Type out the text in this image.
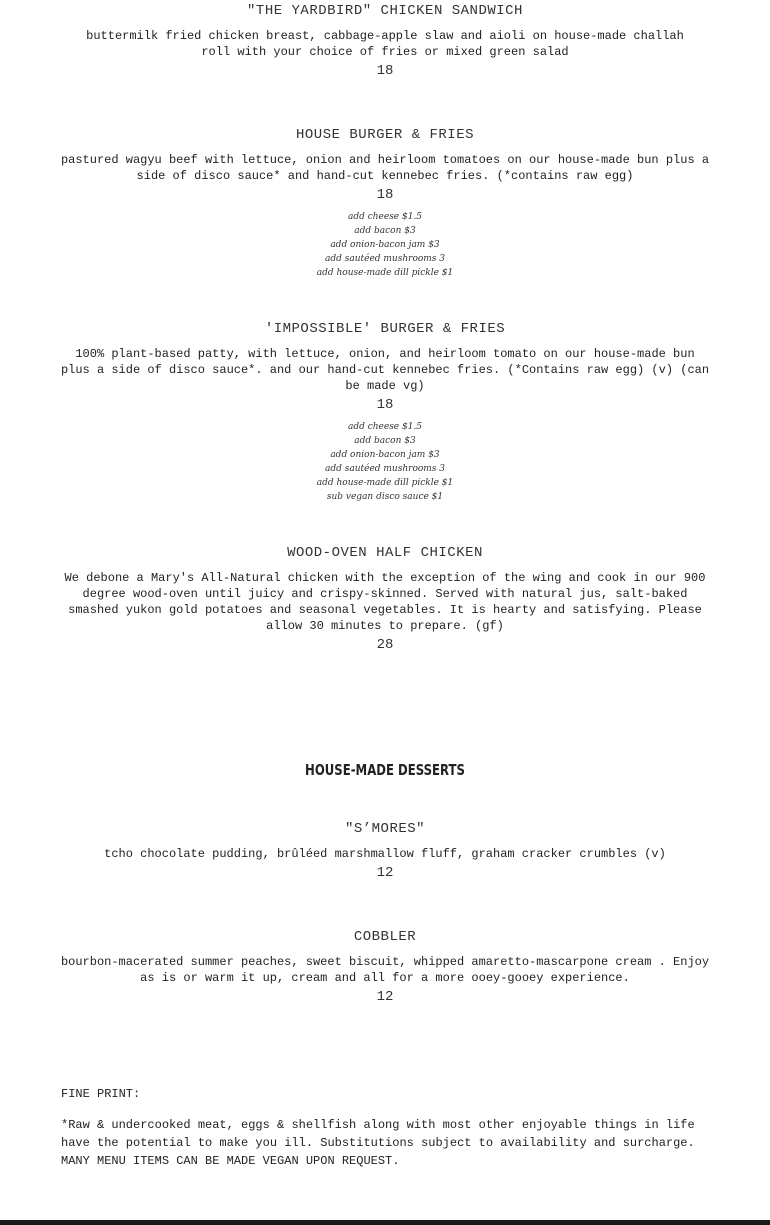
"THE YARDBIRD" CHICKEN SANDWICH
buttermilk fried chicken breast, cabbage-apple slaw and aioli on house-made challah roll with your choice of fries or mixed green salad
18
HOUSE BURGER & FRIES
pastured wagyu beef with lettuce, onion and heirloom tomatoes on our house-made bun plus a side of disco sauce* and hand-cut kennebec fries. (*contains raw egg)
18
add cheese $1.5
add bacon $3
add onion-bacon jam $3
add sautéed mushrooms 3
add house-made dill pickle $1
'IMPOSSIBLE' BURGER & FRIES
100% plant-based patty, with lettuce, onion, and heirloom tomato on our house-made bun plus a side of disco sauce*. and our hand-cut kennebec fries. (*Contains raw egg) (v) (can be made vg)
18
add cheese $1.5
add bacon $3
add onion-bacon jam $3
add sautéed mushrooms 3
add house-made dill pickle $1
sub vegan disco sauce $1
WOOD-OVEN HALF CHICKEN
We debone a Mary's All-Natural chicken with the exception of the wing and cook in our 900 degree wood-oven until juicy and crispy-skinned. Served with natural jus, salt-baked smashed yukon gold potatoes and seasonal vegetables. It is hearty and satisfying. Please allow 30 minutes to prepare. (gf)
28
HOUSE-MADE DESSERTS
"S’MORES"
tcho chocolate pudding, brûléed marshmallow fluff, graham cracker crumbles (v)
12
COBBLER
bourbon-macerated summer peaches, sweet biscuit, whipped amaretto-mascarpone cream . Enjoy as is or warm it up, cream and all for a more ooey-gooey experience.
12
FINE PRINT:
*Raw & undercooked meat, eggs & shellfish along with most other enjoyable things in life
have the potential to make you ill. Substitutions subject to availability and surcharge.
MANY MENU ITEMS CAN BE MADE VEGAN UPON REQUEST.
